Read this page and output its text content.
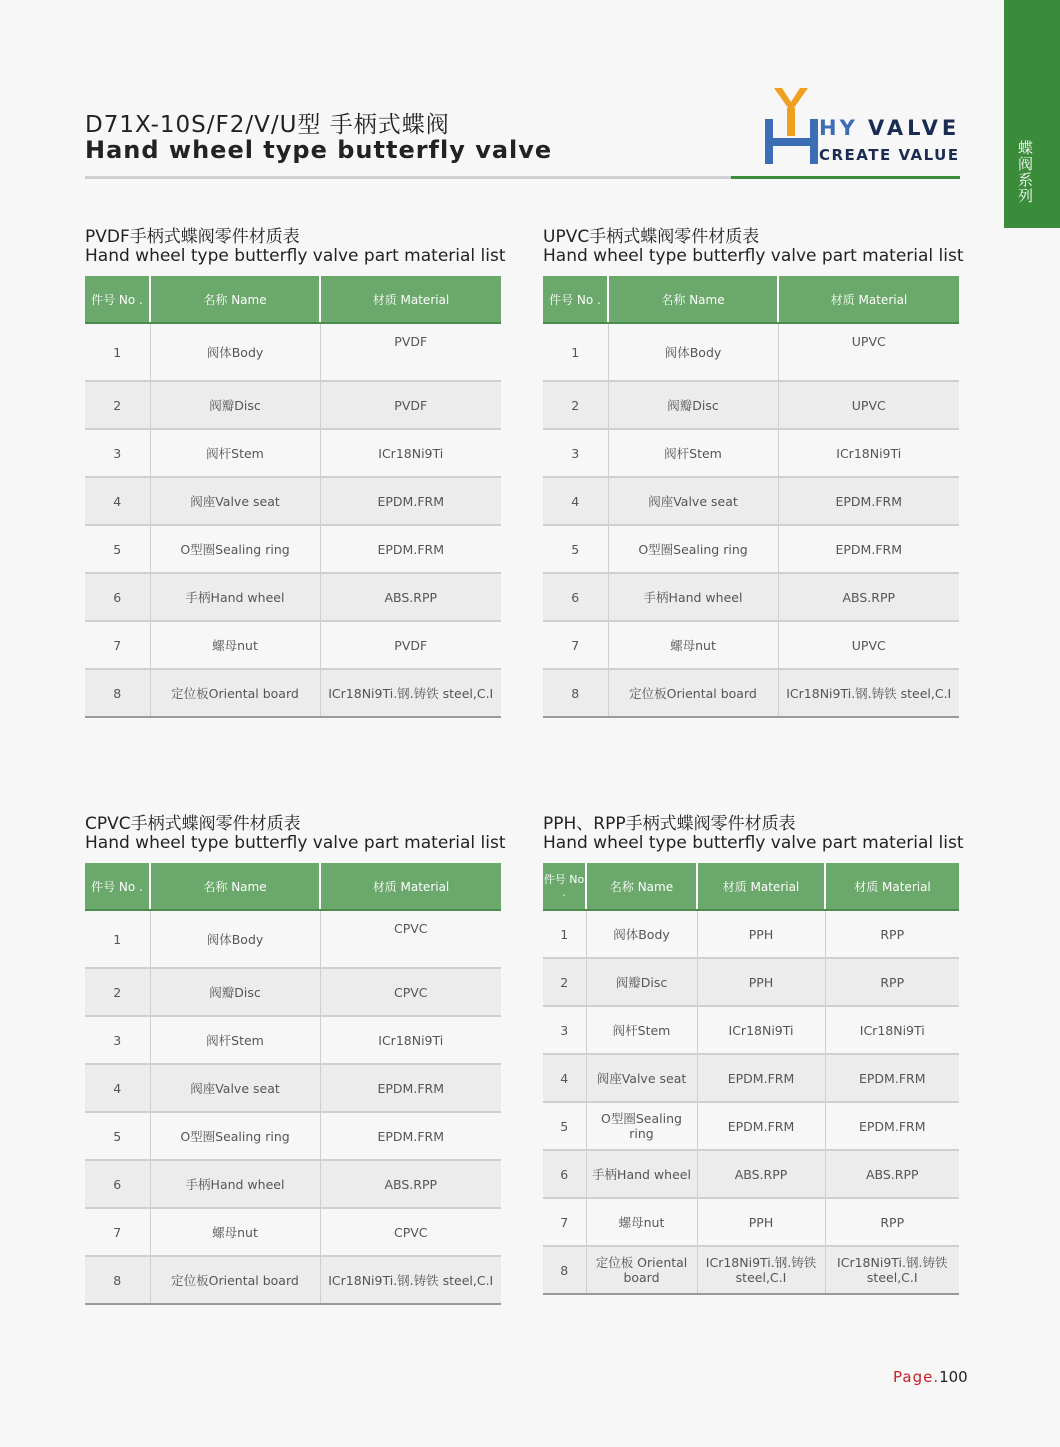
蝶阀系列
D71X-10S/F2/V/U型 手柄式蝶阀
Hand wheel type butterfly valve
HY VALVE
CREATE VALUE
PVDF手柄式蝶阀零件材质表
Hand wheel type butterfly valve part material list
件号 No .	名称 Name	材质 Material
1	阀体Body	PVDF
2	阀瓣Disc	PVDF
3	阀杆Stem	ICr18Ni9Ti
4	阀座Valve seat	EPDM.FRM
5	O型圈Sealing ring	EPDM.FRM
6	手柄Hand wheel	ABS.RPP
7	螺母nut	PVDF
8	定位板Oriental board	ICr18Ni9Ti.钢.铸铁 steel,C.I
UPVC手柄式蝶阀零件材质表
Hand wheel type butterfly valve part material list
件号 No .	名称 Name	材质 Material
1	阀体Body	UPVC
2	阀瓣Disc	UPVC
3	阀杆Stem	ICr18Ni9Ti
4	阀座Valve seat	EPDM.FRM
5	O型圈Sealing ring	EPDM.FRM
6	手柄Hand wheel	ABS.RPP
7	螺母nut	UPVC
8	定位板Oriental board	ICr18Ni9Ti.钢.铸铁 steel,C.I
CPVC手柄式蝶阀零件材质表
Hand wheel type butterfly valve part material list
件号 No .	名称 Name	材质 Material
1	阀体Body	CPVC
2	阀瓣Disc	CPVC
3	阀杆Stem	ICr18Ni9Ti
4	阀座Valve seat	EPDM.FRM
5	O型圈Sealing ring	EPDM.FRM
6	手柄Hand wheel	ABS.RPP
7	螺母nut	CPVC
8	定位板Oriental board	ICr18Ni9Ti.钢.铸铁 steel,C.I
PPH、RPP手柄式蝶阀零件材质表
Hand wheel type butterfly valve part material list
件号 No .	名称 Name	材质 Material	材质 Material
1	阀体Body	PPH	RPP
2	阀瓣Disc	PPH	RPP
3	阀杆Stem	ICr18Ni9Ti	ICr18Ni9Ti
4	阀座Valve seat	EPDM.FRM	EPDM.FRM
5	O型圈Sealing ring	EPDM.FRM	EPDM.FRM
6	手柄Hand wheel	ABS.RPP	ABS.RPP
7	螺母nut	PPH	RPP
8	定位板 Oriental board	ICr18Ni9Ti.钢.铸铁 steel,C.I	ICr18Ni9Ti.钢.铸铁 steel,C.I
Page.100
